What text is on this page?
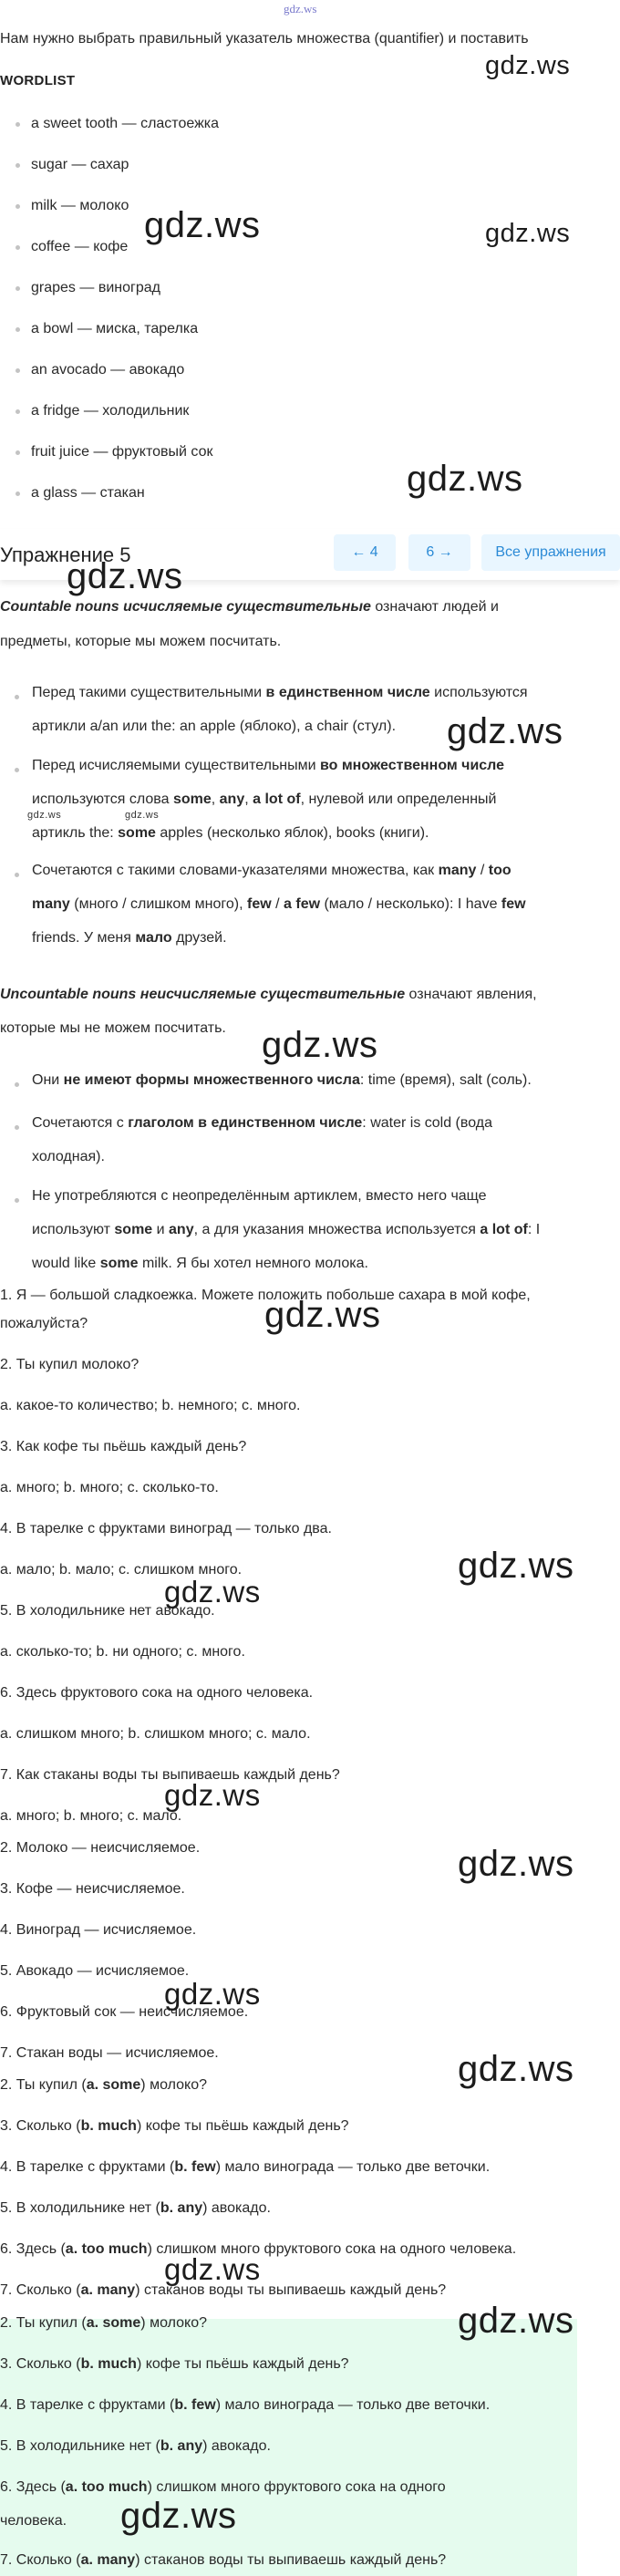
gdz.ws
Нам нужно выбрать правильный указатель множества (quantifier) и поставить
WORDLIST
a sweet tooth — сластоежка
sugar — сахар
milk — молоко
coffee — кофе
grapes — виноград
a bowl — миска, тарелка
an avocado — авокадо
a fridge — холодильник
fruit juice — фруктовый сок
a glass — стакан
Упражнение 5	← 4	6 →	Все упражнения
Countable nouns исчисляемые существительные означают людей и
предметы, которые мы можем посчитать.
Перед такими существительными в единственном числе используются
артикли a/an или the: an apple (яблоко), a chair (стул).
Перед исчисляемыми существительными во множественном числе
используются слова some, any, a lot of, нулевой или определенный
артикль the: some apples (несколько яблок), books (книги).
Сочетаются с такими словами-указателями множества, как many / too
many (много / слишком много), few / a few (мало / несколько): I have few
friends. У меня мало друзей.
Uncountable nouns неисчисляемые существительные означают явления,
которые мы не можем посчитать.
Они не имеют формы множественного числа: time (время), salt (соль).
Сочетаются с глаголом в единственном числе: water is cold (вода
холодная).
Не употребляются с неопределённым артиклем, вместо него чаще
используют some и any, а для указания множества используется a lot of: I
would like some milk. Я бы хотел немного молока.
1. Я — большой сладкоежка. Можете положить побольше сахара в мой кофе,
пожалуйста?
2. Ты купил молоко?
a. какое-то количество; b. немного; c. много.
3. Как кофе ты пьёшь каждый день?
a. много; b. много; c. сколько-то.
4. В тарелке с фруктами виноград — только два.
a. мало; b. мало; c. слишком много.
5. В холодильнике нет авокадо.
a. сколько-то; b. ни одного; c. много.
6. Здесь фруктового сока на одного человека.
a. слишком много; b. слишком много; c. мало.
7. Как стаканы воды ты выпиваешь каждый день?
a. много; b. много; c. мало.
2. Молоко — неисчисляемое.
3. Кофе — неисчисляемое.
4. Виноград — исчисляемое.
5. Авокадо — исчисляемое.
6. Фруктовый сок — неисчисляемое.
7. Стакан воды — исчисляемое.
2. Ты купил (a. some) молоко?
3. Сколько (b. much) кофе ты пьёшь каждый день?
4. В тарелке с фруктами (b. few) мало винограда — только две веточки.
5. В холодильнике нет (b. any) авокадо.
6. Здесь (a. too much) слишком много фруктового сока на одного человека.
7. Сколько (a. many) стаканов воды ты выпиваешь каждый день?
2. Ты купил (a. some) молоко?
3. Сколько (b. much) кофе ты пьёшь каждый день?
4. В тарелке с фруктами (b. few) мало винограда — только две веточки.
5. В холодильнике нет (b. any) авокадо.
6. Здесь (a. too much) слишком много фруктового сока на одного
человека.
7. Сколько (a. many) стаканов воды ты выпиваешь каждый день?
gdz.ws
gdz.ws	gdz.ws
gdz.ws
gdz.ws
gdz.ws
gdz.ws	gdz.ws
gdz.ws
gdz.ws
gdz.ws
gdz.ws
gdz.ws
gdz.ws
gdz.ws
gdz.ws
gdz.ws
gdz.ws
gdz.ws
